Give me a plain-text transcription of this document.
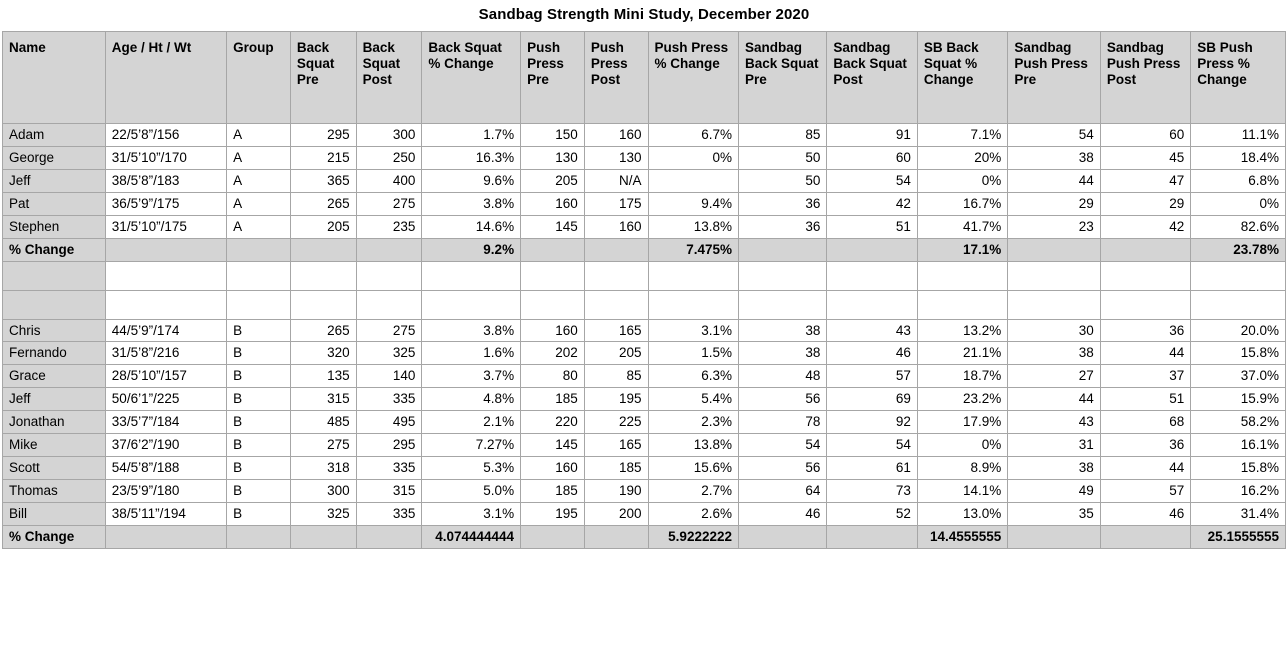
Sandbag Strength Mini Study, December 2020
Name	Age / Ht / Wt	Group	Back Squat Pre	Back Squat Post	Back Squat % Change	Push Press Pre	Push Press Post	Push Press % Change	Sandbag Back Squat Pre	Sandbag Back Squat Post	SB Back Squat % Change	Sandbag Push Press Pre	Sandbag Push Press Post	SB Push Press % Change
Adam	22/5’8”/156	A	295	300	1.7%	150	160	6.7%	85	91	7.1%	54	60	11.1%
George	31/5’10”/170	A	215	250	16.3%	130	130	0%	50	60	20%	38	45	18.4%
Jeff	38/5’8”/183	A	365	400	9.6%	205	N/A		50	54	0%	44	47	6.8%
Pat	36/5’9”/175	A	265	275	3.8%	160	175	9.4%	36	42	16.7%	29	29	0%
Stephen	31/5’10”/175	A	205	235	14.6%	145	160	13.8%	36	51	41.7%	23	42	82.6%
% Change					9.2%			7.475%			17.1%			23.78%

Chris	44/5’9”/174	B	265	275	3.8%	160	165	3.1%	38	43	13.2%	30	36	20.0%
Fernando	31/5’8”/216	B	320	325	1.6%	202	205	1.5%	38	46	21.1%	38	44	15.8%
Grace	28/5’10”/157	B	135	140	3.7%	80	85	6.3%	48	57	18.7%	27	37	37.0%
Jeff	50/6’1”/225	B	315	335	4.8%	185	195	5.4%	56	69	23.2%	44	51	15.9%
Jonathan	33/5’7”/184	B	485	495	2.1%	220	225	2.3%	78	92	17.9%	43	68	58.2%
Mike	37/6’2”/190	B	275	295	7.27%	145	165	13.8%	54	54	0%	31	36	16.1%
Scott	54/5’8”/188	B	318	335	5.3%	160	185	15.6%	56	61	8.9%	38	44	15.8%
Thomas	23/5’9”/180	B	300	315	5.0%	185	190	2.7%	64	73	14.1%	49	57	16.2%
Bill	38/5’11”/194	B	325	335	3.1%	195	200	2.6%	46	52	13.0%	35	46	31.4%
% Change					4.074444444			5.9222222			14.4555555			25.1555555
